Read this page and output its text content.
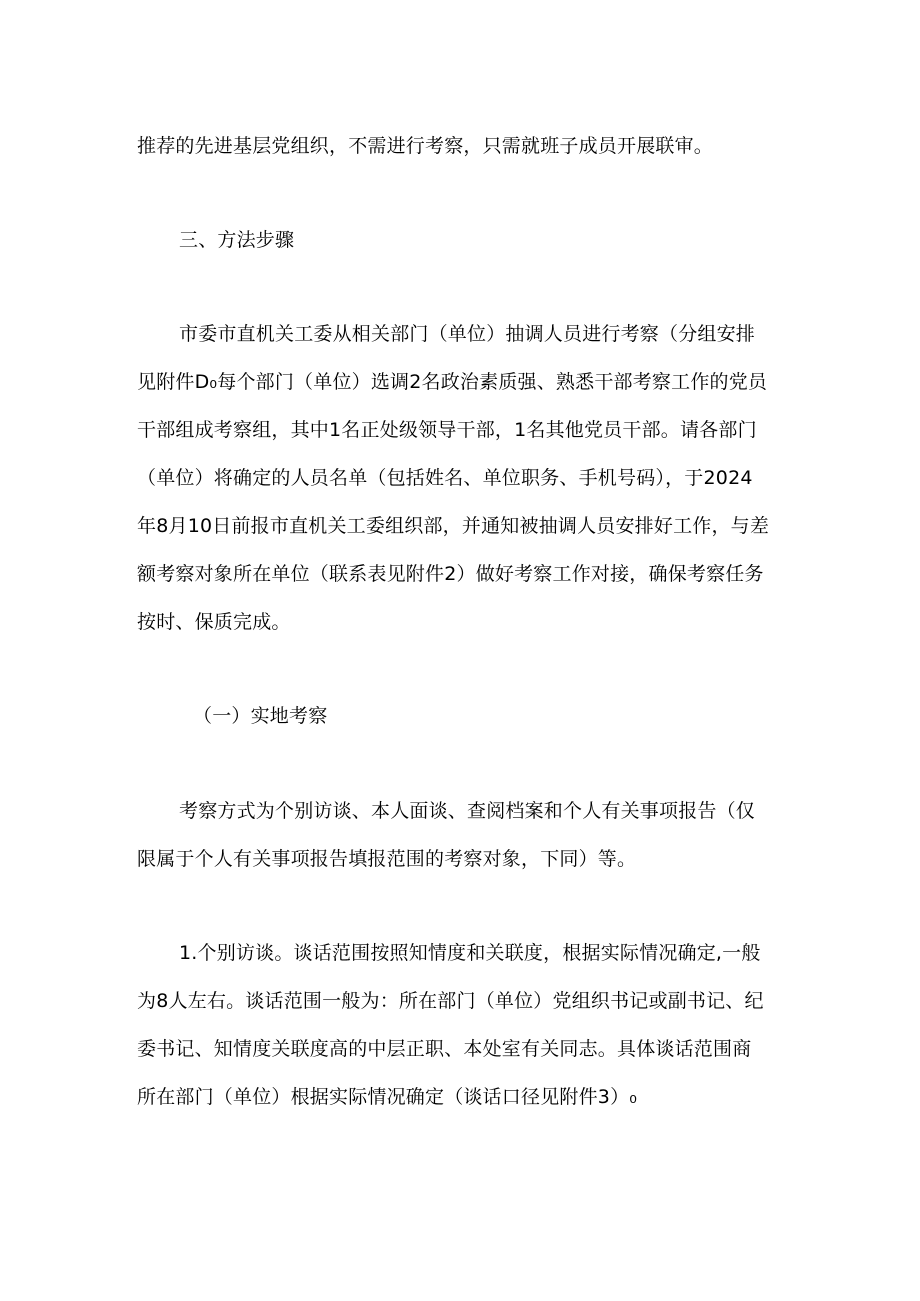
推荐的先进基层党组织，不需进行考察，只需就班子成员开展联审。
三、方法步骤
市委市直机关工委从相关部门（单位）抽调人员进行考察（分组安排
见附件D₀每个部门（单位）选调2名政治素质强、熟悉干部考察工作的党员
干部组成考察组，其中1名正处级领导干部，1名其他党员干部。请各部门
（单位）将确定的人员名单（包括姓名、单位职务、手机号码），于2024
年8月10日前报市直机关工委组织部，并通知被抽调人员安排好工作，与差
额考察对象所在单位（联系表见附件2）做好考察工作对接，确保考察任务
按时、保质完成。
（一）实地考察
考察方式为个别访谈、本人面谈、查阅档案和个人有关事项报告（仅
限属于个人有关事项报告填报范围的考察对象，下同）等。
1.个别访谈。谈话范围按照知情度和关联度，根据实际情况确定,一般
为8人左右。谈话范围一般为：所在部门（单位）党组织书记或副书记、纪
委书记、知情度关联度高的中层正职、本处室有关同志。具体谈话范围商
所在部门（单位）根据实际情况确定（谈话口径见附件3）₀
